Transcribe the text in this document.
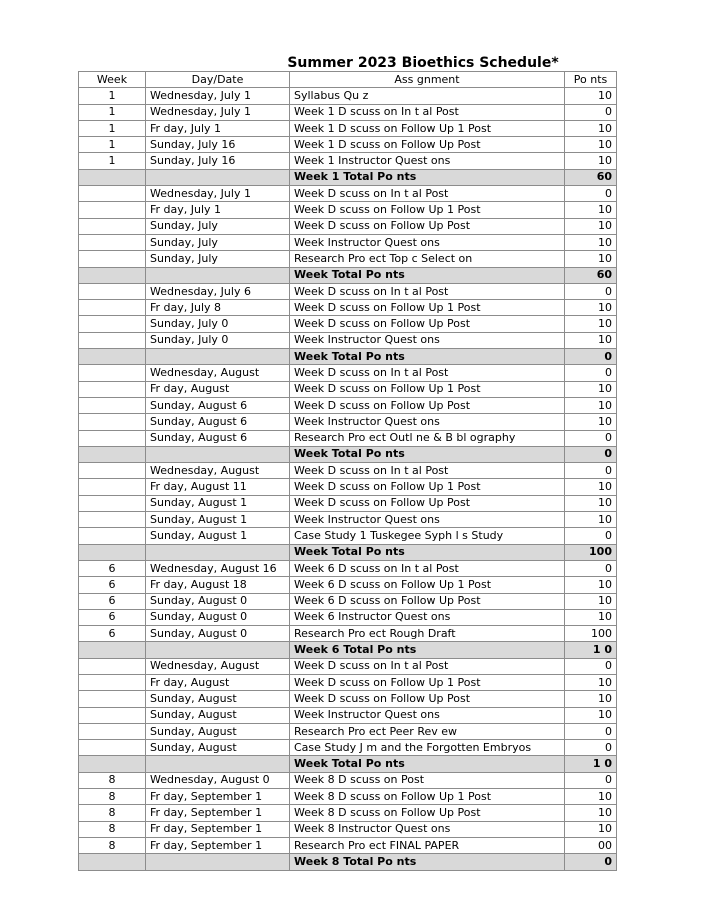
Summer 2023 Bioethics Schedule*
Week	Day/Date	Ass gnment	Po nts
1	Wednesday, July 1	Syllabus Qu z	10
1	Wednesday, July 1	Week 1 D scuss on In t al Post	0
1	Fr day, July 1	Week 1 D scuss on Follow Up 1 Post	10
1	Sunday, July 16	Week 1 D scuss on Follow Up Post	10
1	Sunday, July 16	Week 1 Instructor Quest ons	10
		Week 1 Total Po nts	60
	Wednesday, July 1	Week D scuss on In t al Post	0
	Fr day, July 1	Week D scuss on Follow Up 1 Post	10
	Sunday, July	Week D scuss on Follow Up Post	10
	Sunday, July	Week Instructor Quest ons	10
	Sunday, July	Research Pro ect Top c Select on	10
		Week Total Po nts	60
	Wednesday, July 6	Week D scuss on In t al Post	0
	Fr day, July 8	Week D scuss on Follow Up 1 Post	10
	Sunday, July 0	Week D scuss on Follow Up Post	10
	Sunday, July 0	Week Instructor Quest ons	10
		Week Total Po nts	0
	Wednesday, August	Week D scuss on In t al Post	0
	Fr day, August	Week D scuss on Follow Up 1 Post	10
	Sunday, August 6	Week D scuss on Follow Up Post	10
	Sunday, August 6	Week Instructor Quest ons	10
	Sunday, August 6	Research Pro ect Outl ne & B bl ography	0
		Week Total Po nts	0
	Wednesday, August	Week D scuss on In t al Post	0
	Fr day, August 11	Week D scuss on Follow Up 1 Post	10
	Sunday, August 1	Week D scuss on Follow Up Post	10
	Sunday, August 1	Week Instructor Quest ons	10
	Sunday, August 1	Case Study 1 Tuskegee Syph l s Study	0
		Week Total Po nts	100
6	Wednesday, August 16	Week 6 D scuss on In t al Post	0
6	Fr day, August 18	Week 6 D scuss on Follow Up 1 Post	10
6	Sunday, August 0	Week 6 D scuss on Follow Up Post	10
6	Sunday, August 0	Week 6 Instructor Quest ons	10
6	Sunday, August 0	Research Pro ect Rough Draft	100
		Week 6 Total Po nts	1 0
	Wednesday, August	Week D scuss on In t al Post	0
	Fr day, August	Week D scuss on Follow Up 1 Post	10
	Sunday, August	Week D scuss on Follow Up Post	10
	Sunday, August	Week Instructor Quest ons	10
	Sunday, August	Research Pro ect Peer Rev ew	0
	Sunday, August	Case Study J m and the Forgotten Embryos	0
		Week Total Po nts	1 0
8	Wednesday, August 0	Week 8 D scuss on Post	0
8	Fr day, September 1	Week 8 D scuss on Follow Up 1 Post	10
8	Fr day, September 1	Week 8 D scuss on Follow Up Post	10
8	Fr day, September 1	Week 8 Instructor Quest ons	10
8	Fr day, September 1	Research Pro ect FINAL PAPER	00
		Week 8 Total Po nts	0
